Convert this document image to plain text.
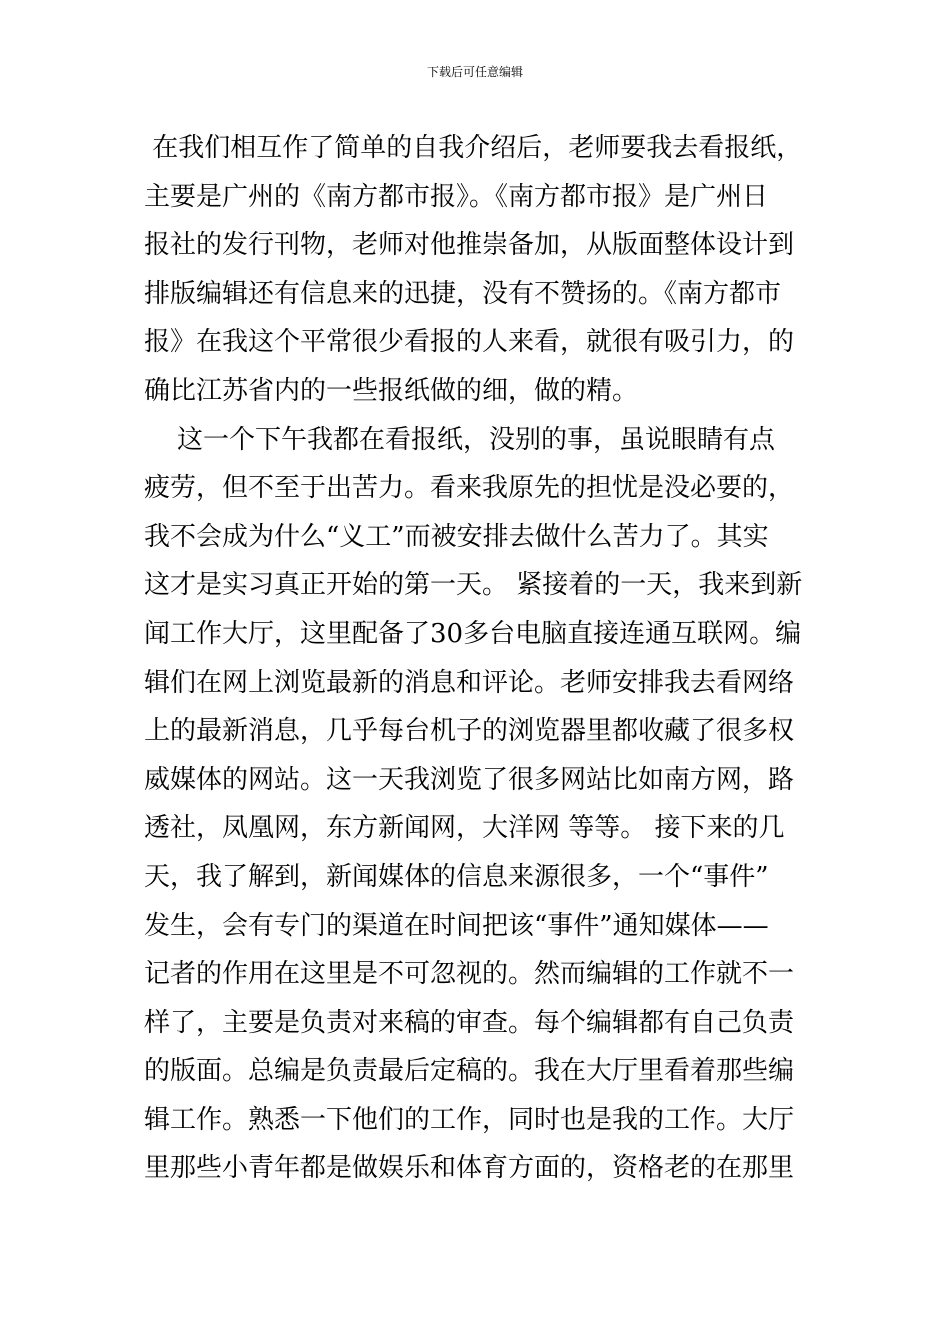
下载后可任意编辑
在我们相互作了简单的自我介绍后，老师要我去看报纸，
主要是广州的《南方都市报》。《南方都市报》是广州日
报社的发行刊物，老师对他推崇备加，从版面整体设计到
排版编辑还有信息来的迅捷，没有不赞扬的。《南方都市
报》在我这个平常很少看报的人来看，就很有吸引力，的
确比江苏省内的一些报纸做的细，做的精。
这一个下午我都在看报纸，没别的事，虽说眼睛有点
疲劳，但不至于出苦力。看来我原先的担忧是没必要的，
我不会成为什么“义工”而被安排去做什么苦力了。其实
这才是实习真正开始的第一天。 紧接着的一天，我来到新
闻工作大厅，这里配备了30多台电脑直接连通互联网。编
辑们在网上浏览最新的消息和评论。老师安排我去看网络
上的最新消息，几乎每台机子的浏览器里都收藏了很多权
威媒体的网站。这一天我浏览了很多网站比如南方网，路
透社，凤凰网，东方新闻网，大洋网 等等。 接下来的几
天，我了解到，新闻媒体的信息来源很多，一个“事件”
发生，会有专门的渠道在时间把该“事件”通知媒体——
记者的作用在这里是不可忽视的。然而编辑的工作就不一
样了，主要是负责对来稿的审查。每个编辑都有自己负责
的版面。总编是负责最后定稿的。我在大厅里看着那些编
辑工作。熟悉一下他们的工作，同时也是我的工作。大厅
里那些小青年都是做娱乐和体育方面的，资格老的在那里
